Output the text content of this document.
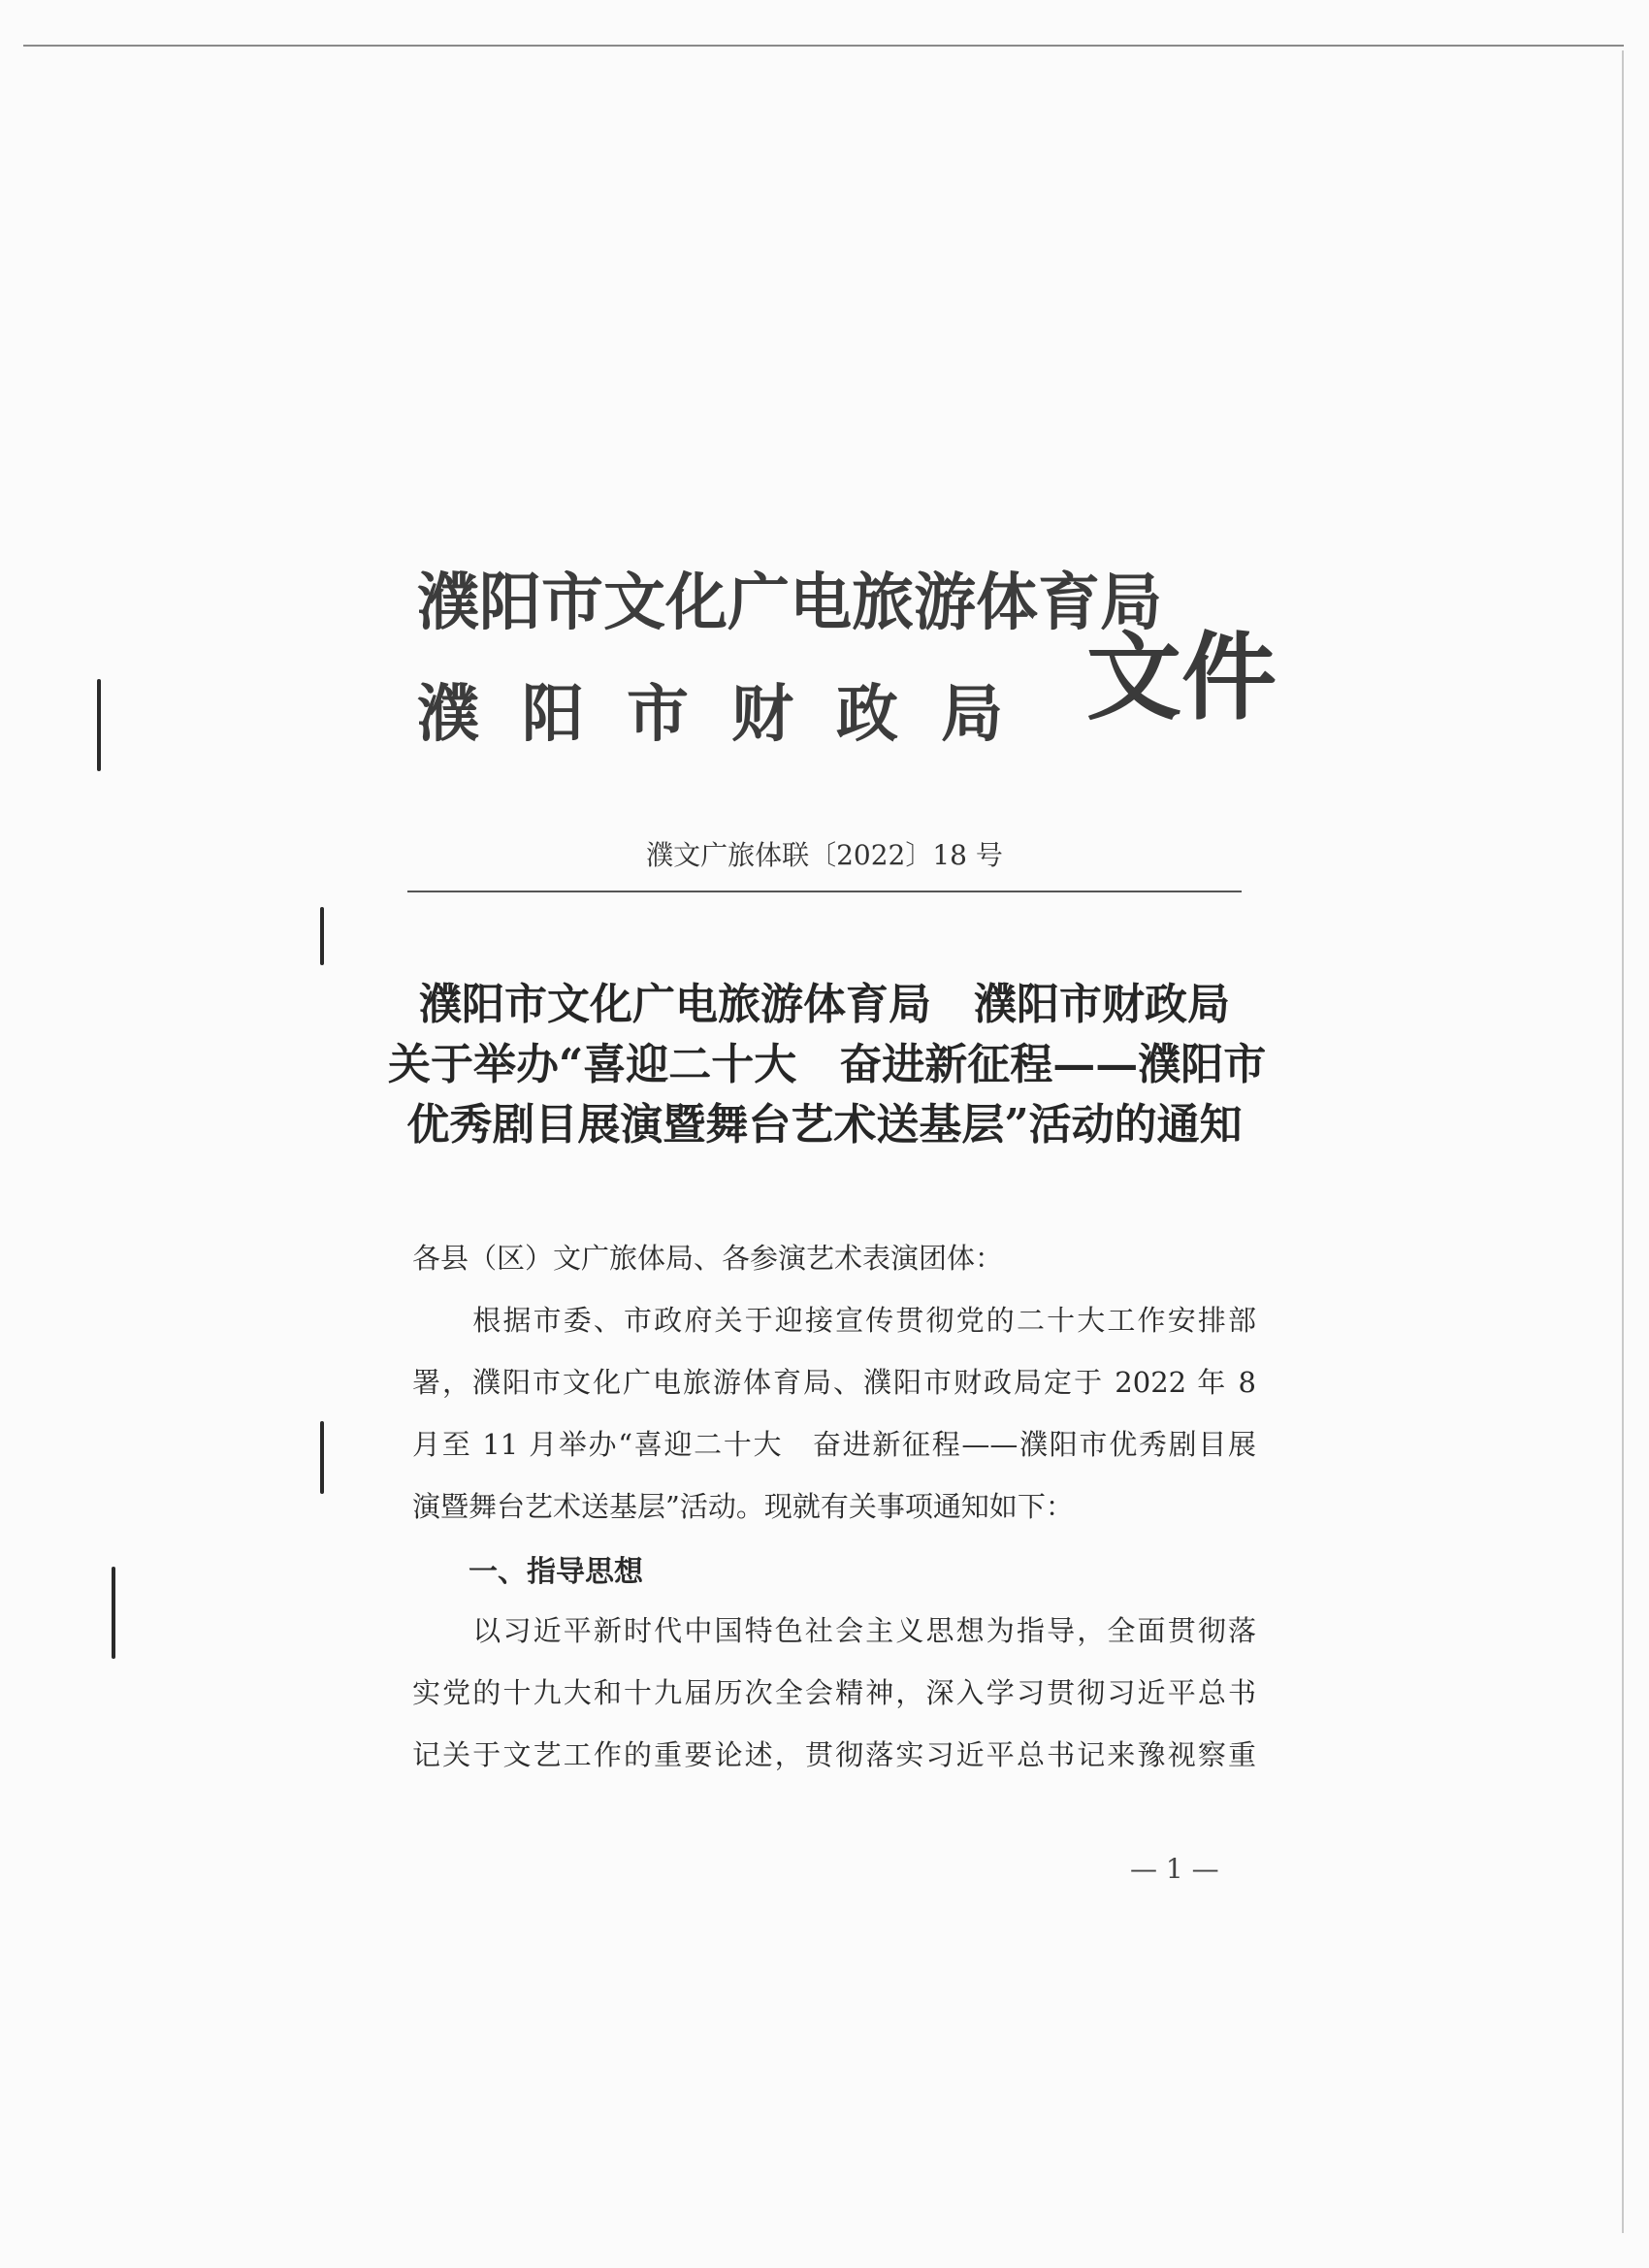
濮阳市文化广电旅游体育局
濮阳市财政局 文件
濮文广旅体联〔2022〕18 号
濮阳市文化广电旅游体育局　濮阳市财政局
关于举办“喜迎二十大　奋进新征程——濮阳市
优秀剧目展演暨舞台艺术送基层”活动的通知
各县（区）文广旅体局、各参演艺术表演团体：
　　根据市委、市政府关于迎接宣传贯彻党的二十大工作安排部
署，濮阳市文化广电旅游体育局、濮阳市财政局定于 2022 年 8
月至 11 月举办“喜迎二十大　奋进新征程——濮阳市优秀剧目展
演暨舞台艺术送基层”活动。现就有关事项通知如下：
一、指导思想
　　以习近平新时代中国特色社会主义思想为指导，全面贯彻落
实党的十九大和十九届历次全会精神，深入学习贯彻习近平总书
记关于文艺工作的重要论述，贯彻落实习近平总书记来豫视察重
— 1 —
